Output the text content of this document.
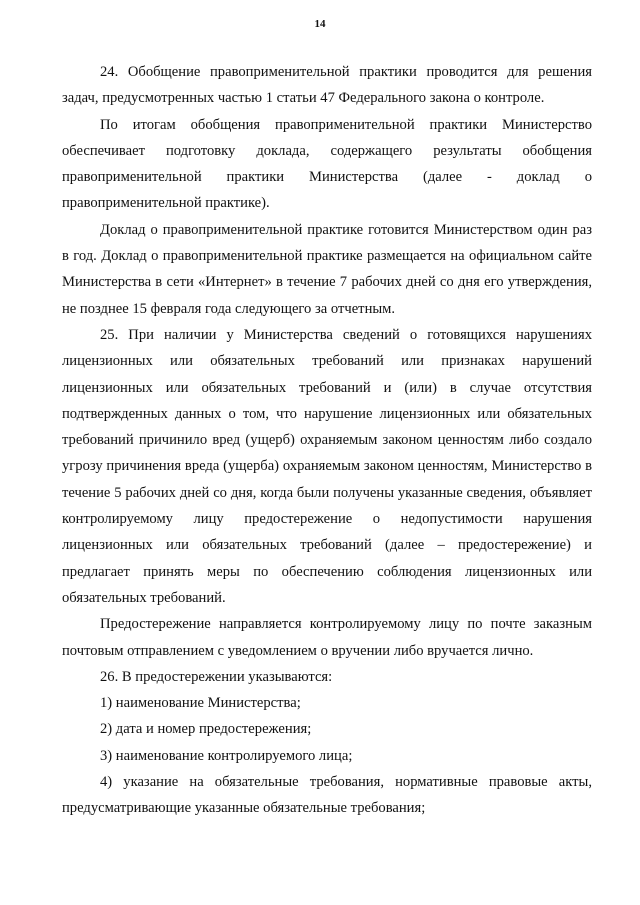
14

24. Обобщение правоприменительной практики проводится для решения задач, предусмотренных частью 1 статьи 47 Федерального закона о контроле.

По итогам обобщения правоприменительной практики Министерство обеспечивает подготовку доклада, содержащего результаты обобщения правоприменительной практики Министерства (далее - доклад о правоприменительной практике).

Доклад о правоприменительной практике готовится Министерством один раз в год. Доклад о правоприменительной практике размещается на официальном сайте Министерства в сети «Интернет» в течение 7 рабочих дней со дня его утверждения, не позднее 15 февраля года следующего за отчетным.

25. При наличии у Министерства сведений о готовящихся нарушениях лицензионных или обязательных требований или признаках нарушений лицензионных или обязательных требований и (или) в случае отсутствия подтвержденных данных о том, что нарушение лицензионных или обязательных требований причинило вред (ущерб) охраняемым законом ценностям либо создало угрозу причинения вреда (ущерба) охраняемым законом ценностям, Министерство в течение 5 рабочих дней со дня, когда были получены указанные сведения, объявляет контролируемому лицу предостережение о недопустимости нарушения лицензионных или обязательных требований (далее – предостережение) и предлагает принять меры по обеспечению соблюдения лицензионных или обязательных требований.

Предостережение направляется контролируемому лицу по почте заказным почтовым отправлением с уведомлением о вручении либо вручается лично.

26. В предостережении указываются:

1) наименование Министерства;

2) дата и номер предостережения;

3) наименование контролируемого лица;

4) указание на обязательные требования, нормативные правовые акты, предусматривающие указанные обязательные требования;
